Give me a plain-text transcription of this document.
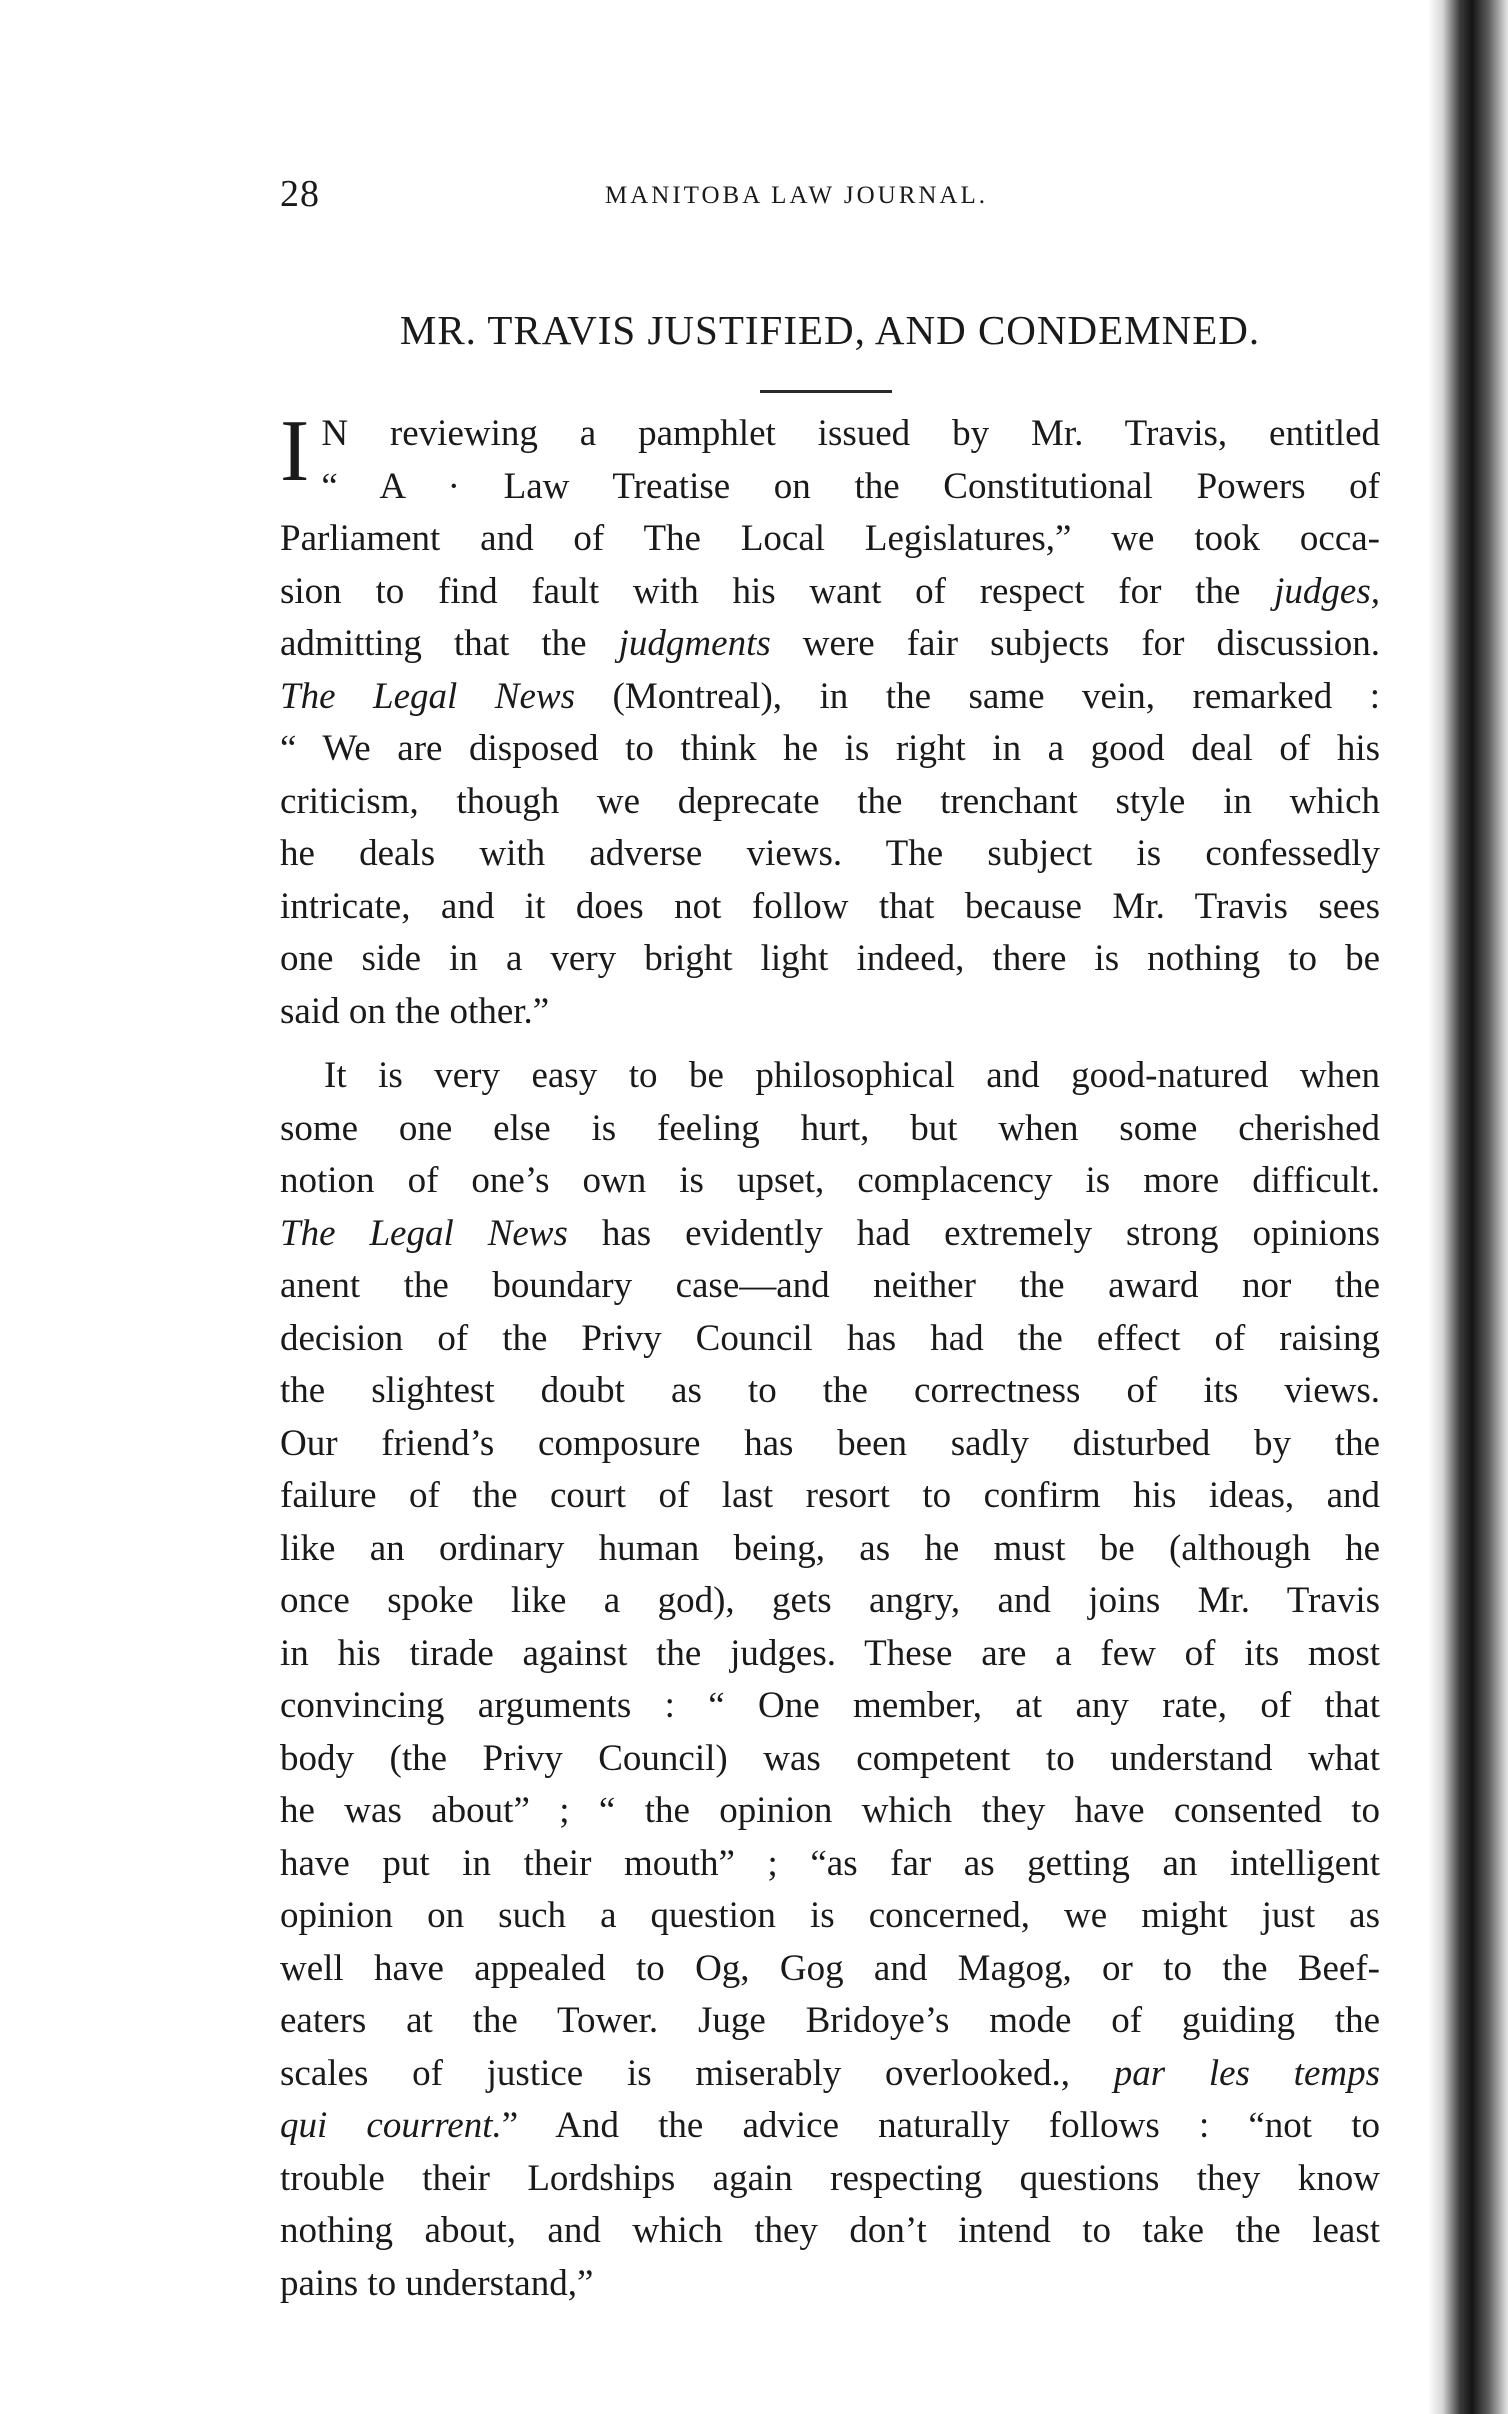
28	MANITOBA LAW JOURNAL.
MR. TRAVIS JUSTIFIED, AND CONDEMNED.

I N reviewing a pamphlet issued by Mr. Travis, entitled
“ A · Law Treatise on the Constitutional Powers of
Parliament and of The Local Legislatures,” we took occa-
sion to find fault with his want of respect for the judges,
admitting that the judgments were fair subjects for discussion.
The Legal News (Montreal), in the same vein, remarked :
“ We are disposed to think he is right in a good deal of his
criticism, though we deprecate the trenchant style in which
he deals with adverse views. The subject is confessedly
intricate, and it does not follow that because Mr. Travis sees
one side in a very bright light indeed, there is nothing to be
said on the other.”

It is very easy to be philosophical and good-natured when
some one else is feeling hurt, but when some cherished
notion of one’s own is upset, complacency is more difficult.
The Legal News has evidently had extremely strong opinions
anent the boundary case—and neither the award nor the
decision of the Privy Council has had the effect of raising
the slightest doubt as to the correctness of its views.
Our friend’s composure has been sadly disturbed by the
failure of the court of last resort to confirm his ideas, and
like an ordinary human being, as he must be (although he
once spoke like a god), gets angry, and joins Mr. Travis
in his tirade against the judges. These are a few of its most
convincing arguments : “ One member, at any rate, of that
body (the Privy Council) was competent to understand what
he was about” ; “ the opinion which they have consented to
have put in their mouth” ; “as far as getting an intelligent
opinion on such a question is concerned, we might just as
well have appealed to Og, Gog and Magog, or to the Beef-
eaters at the Tower. Juge Bridoye’s mode of guiding the
scales of justice is miserably overlooked., par les temps
qui courrent.” And the advice naturally follows : “not to
trouble their Lordships again respecting questions they know
nothing about, and which they don’t intend to take the least
pains to understand,”
